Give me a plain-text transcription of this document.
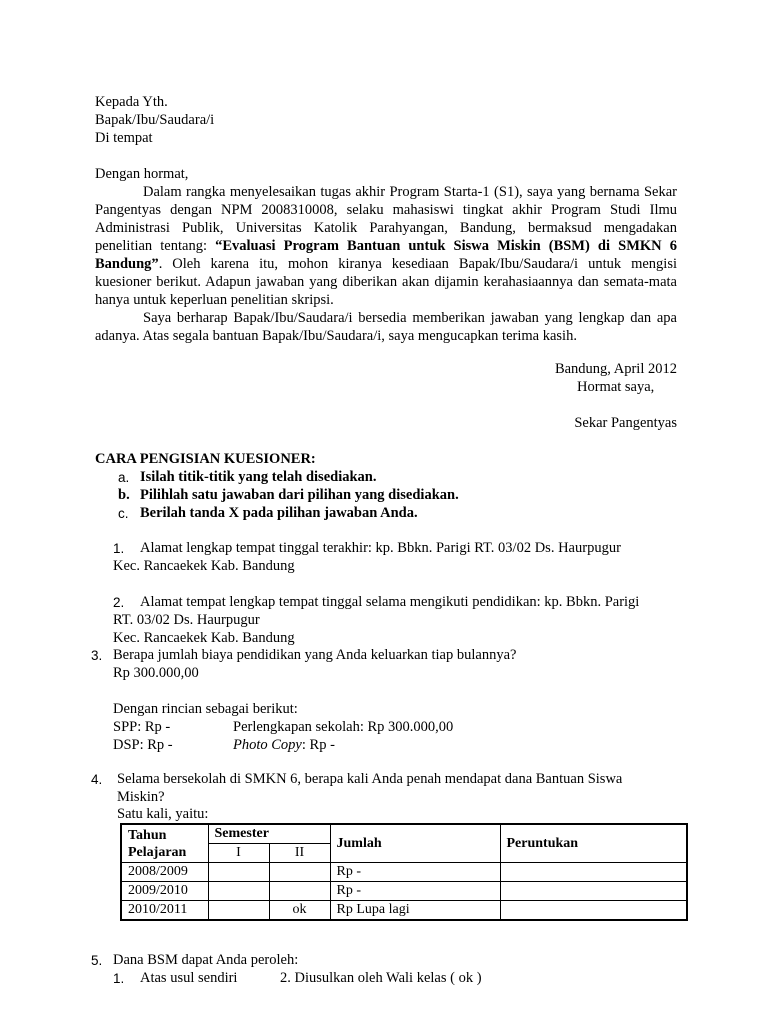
Kepada Yth.
Bapak/Ibu/Saudara/i
Di tempat
Dengan hormat,
Dalam rangka menyelesaikan tugas akhir Program Starta-1 (S1), saya yang bernama Sekar Pangentyas dengan NPM 2008310008, selaku mahasiswi tingkat akhir Program Studi Ilmu Administrasi Publik, Universitas Katolik Parahyangan, Bandung, bermaksud mengadakan penelitian tentang: “Evaluasi Program Bantuan untuk Siswa Miskin (BSM) di SMKN 6 Bandung”. Oleh karena itu, mohon kiranya kesediaan Bapak/Ibu/Saudara/i untuk mengisi kuesioner berikut. Adapun jawaban yang diberikan akan dijamin kerahasiaannya dan semata-mata hanya untuk keperluan penelitian skripsi.
Saya berharap Bapak/Ibu/Saudara/i bersedia memberikan jawaban yang lengkap dan apa adanya. Atas segala bantuan Bapak/Ibu/Saudara/i, saya mengucapkan terima kasih.
Bandung, April 2012
Hormat saya,
Sekar Pangentyas
CARA PENGISIAN KUESIONER:
a. Isilah titik-titik yang telah disediakan.
b. Pilihlah satu jawaban dari pilihan yang disediakan.
c. Berilah tanda X pada pilihan jawaban Anda.
1. Alamat lengkap tempat tinggal terakhir: kp. Bbkn. Parigi RT. 03/02 Ds. Haurpugur
Kec. Rancaekek Kab. Bandung
2. Alamat tempat lengkap tempat tinggal selama mengikuti pendidikan: kp. Bbkn. Parigi
RT. 03/02 Ds. Haurpugur
Kec. Rancaekek Kab. Bandung
3. Berapa jumlah biaya pendidikan yang Anda keluarkan tiap bulannya?
Rp 300.000,00
Dengan rincian sebagai berikut:
SPP: Rp -	Perlengkapan sekolah: Rp 300.000,00
DSP: Rp -	Photo Copy: Rp -
4. Selama bersekolah di SMKN 6, berapa kali Anda penah mendapat dana Bantuan Siswa
Miskin?
Satu kali, yaitu:
Tahun
Pelajaran	Semester		Jumlah	Peruntukan
	I	II		
2008/2009			Rp -	
2009/2010			Rp -	
2010/2011		ok	Rp Lupa lagi	
5. Dana BSM dapat Anda peroleh:
1. Atas usul sendiri	2. Diusulkan oleh Wali kelas ( ok )
